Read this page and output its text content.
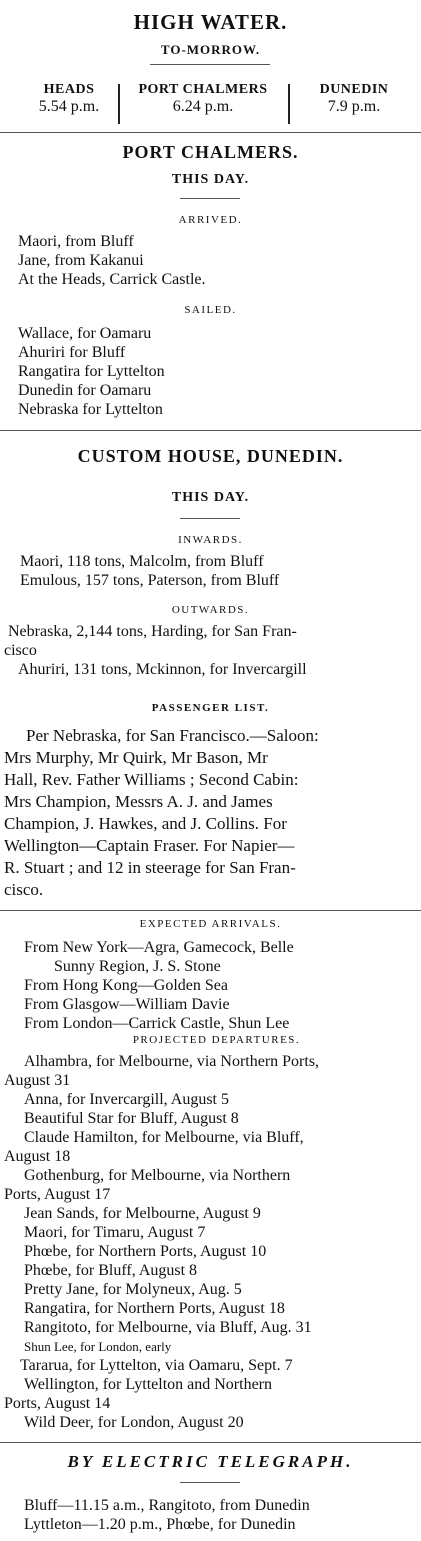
HIGH WATER.
TO-MORROW.
HEADS
5.54 p.m.
PORT CHALMERS
6.24 p.m.
DUNEDIN
7.9 p.m.
PORT CHALMERS.
THIS DAY.
ARRIVED.
Maori, from Bluff
Jane, from Kakanui
At the Heads, Carrick Castle.
SAILED.
Wallace, for Oamaru
Ahuriri for Bluff
Rangatira for Lyttelton
Dunedin for Oamaru
Nebraska for Lyttelton
CUSTOM HOUSE, DUNEDIN.
THIS DAY.
INWARDS.
Maori, 118 tons, Malcolm, from Bluff
Emulous, 157 tons, Paterson, from Bluff
OUTWARDS.
Nebraska, 2,144 tons, Harding, for San Fran-
cisco
Ahuriri, 131 tons, Mckinnon, for Invercargill
PASSENGER LIST.
Per Nebraska, for San Francisco.—Saloon:
Mrs Murphy, Mr Quirk, Mr Bason, Mr
Hall, Rev. Father Williams ; Second Cabin:
Mrs Champion, Messrs A. J. and James
Champion, J. Hawkes, and J. Collins. For
Wellington—Captain Fraser. For Napier—
R. Stuart ; and 12 in steerage for San Fran-
cisco.
EXPECTED ARRIVALS.
From New York—Agra, Gamecock, Belle
Sunny Region, J. S. Stone
From Hong Kong—Golden Sea
From Glasgow—William Davie
From London—Carrick Castle, Shun Lee
PROJECTED DEPARTURES.
Alhambra, for Melbourne, via Northern Ports,
August 31
Anna, for Invercargill, August 5
Beautiful Star for Bluff, August 8
Claude Hamilton, for Melbourne, via Bluff,
August 18
Gothenburg, for Melbourne, via Northern
Ports, August 17
Jean Sands, for Melbourne, August 9
Maori, for Timaru, August 7
Phœbe, for Northern Ports, August 10
Phœbe, for Bluff, August 8
Pretty Jane, for Molyneux, Aug. 5
Rangatira, for Northern Ports, August 18
Rangitoto, for Melbourne, via Bluff, Aug. 31
Shun Lee, for London, early
Tararua, for Lyttelton, via Oamaru, Sept. 7
Wellington, for Lyttelton and Northern
Ports, August 14
Wild Deer, for London, August 20
BY ELECTRIC TELEGRAPH.
Bluff—11.15 a.m., Rangitoto, from Dunedin
Lyttleton—1.20 p.m., Phœbe, for Dunedin
